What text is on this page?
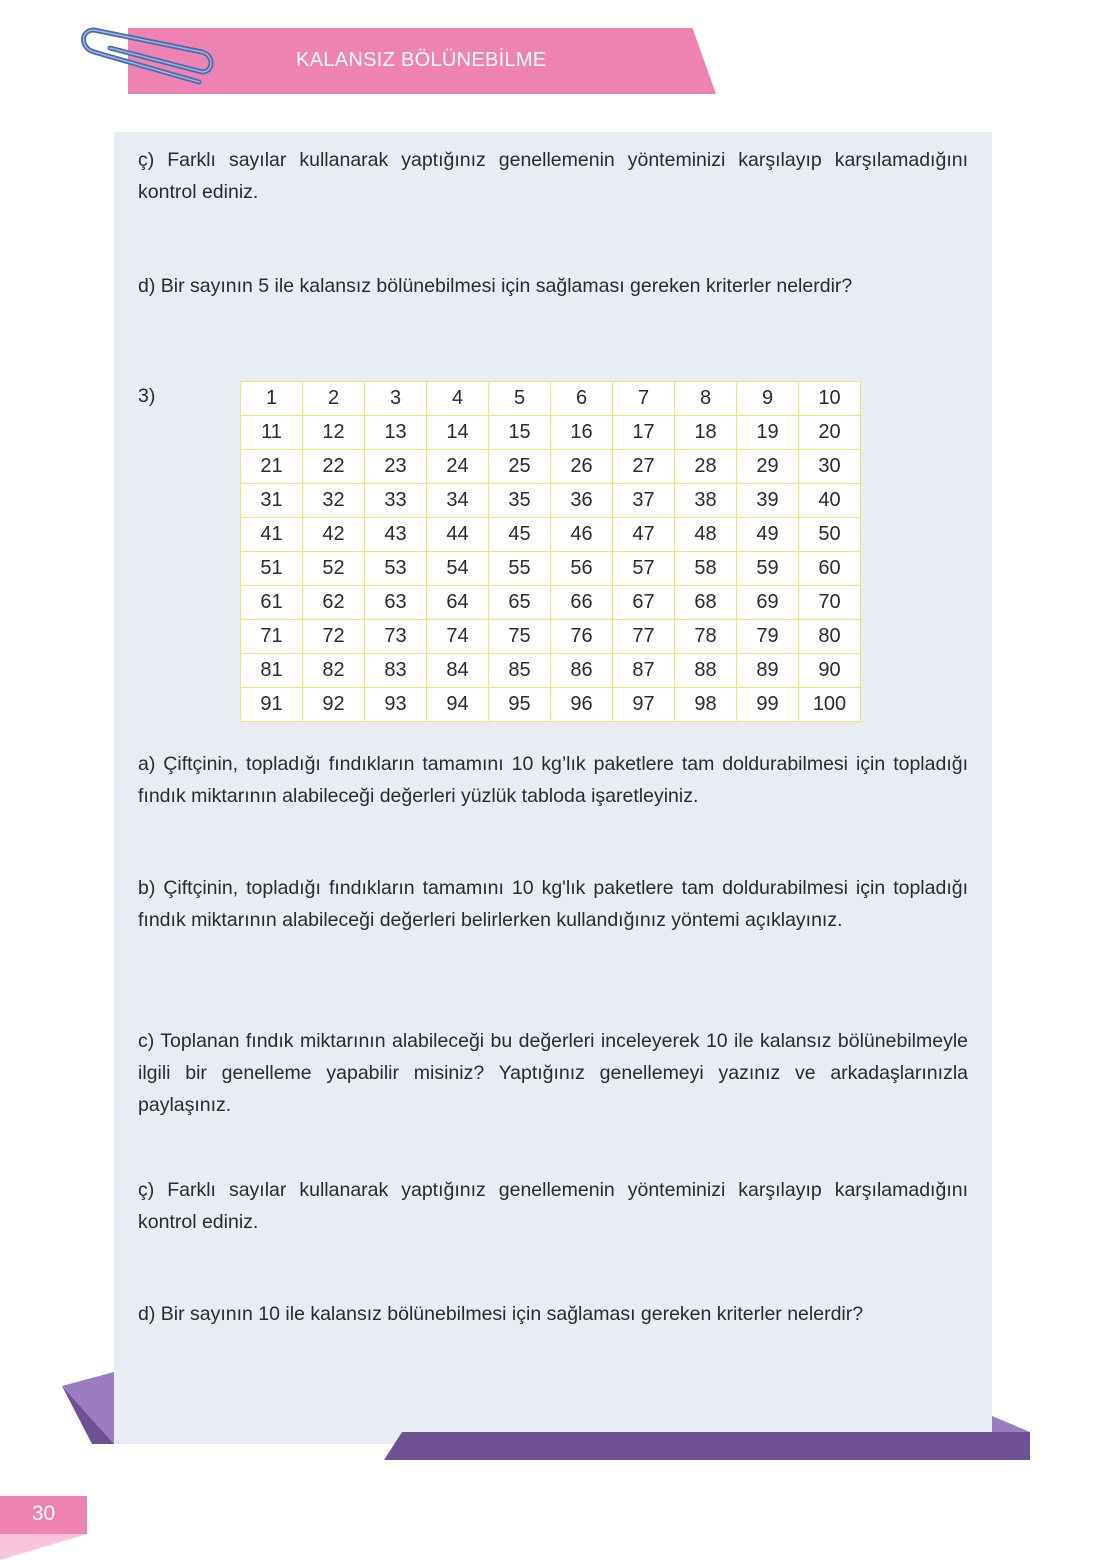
KALANSIZ BÖLÜNEBİLME
ç) Farklı sayılar kullanarak yaptığınız genellemenin yönteminizi karşılayıp karşılamadığını kontrol ediniz.
d) Bir sayının 5 ile kalansız bölünebilmesi için sağlaması gereken kriterler nelerdir?
3)	1	2	3	4	5	6	7	8	9	10
11	12	13	14	15	16	17	18	19	20
21	22	23	24	25	26	27	28	29	30
31	32	33	34	35	36	37	38	39	40
41	42	43	44	45	46	47	48	49	50
51	52	53	54	55	56	57	58	59	60
61	62	63	64	65	66	67	68	69	70
71	72	73	74	75	76	77	78	79	80
81	82	83	84	85	86	87	88	89	90
91	92	93	94	95	96	97	98	99	100
a) Çiftçinin, topladığı fındıkların tamamını 10 kg’lık paketlere tam doldurabilmesi için topladığı fındık miktarının alabileceği değerleri yüzlük tabloda işaretleyiniz.
b) Çiftçinin, topladığı fındıkların tamamını 10 kg'lık paketlere tam doldurabilmesi için topladığı fındık miktarının alabileceği değerleri belirlerken kullandığınız yöntemi açıklayınız.
c) Toplanan fındık miktarının alabileceği bu değerleri inceleyerek 10 ile kalansız bölünebilmeyle ilgili bir genelleme yapabilir misiniz? Yaptığınız genellemeyi yazınız ve arkadaşlarınızla paylaşınız.
ç) Farklı sayılar kullanarak yaptığınız genellemenin yönteminizi karşılayıp karşılamadığını kontrol ediniz.
d) Bir sayının 10 ile kalansız bölünebilmesi için sağlaması gereken kriterler nelerdir?
30
